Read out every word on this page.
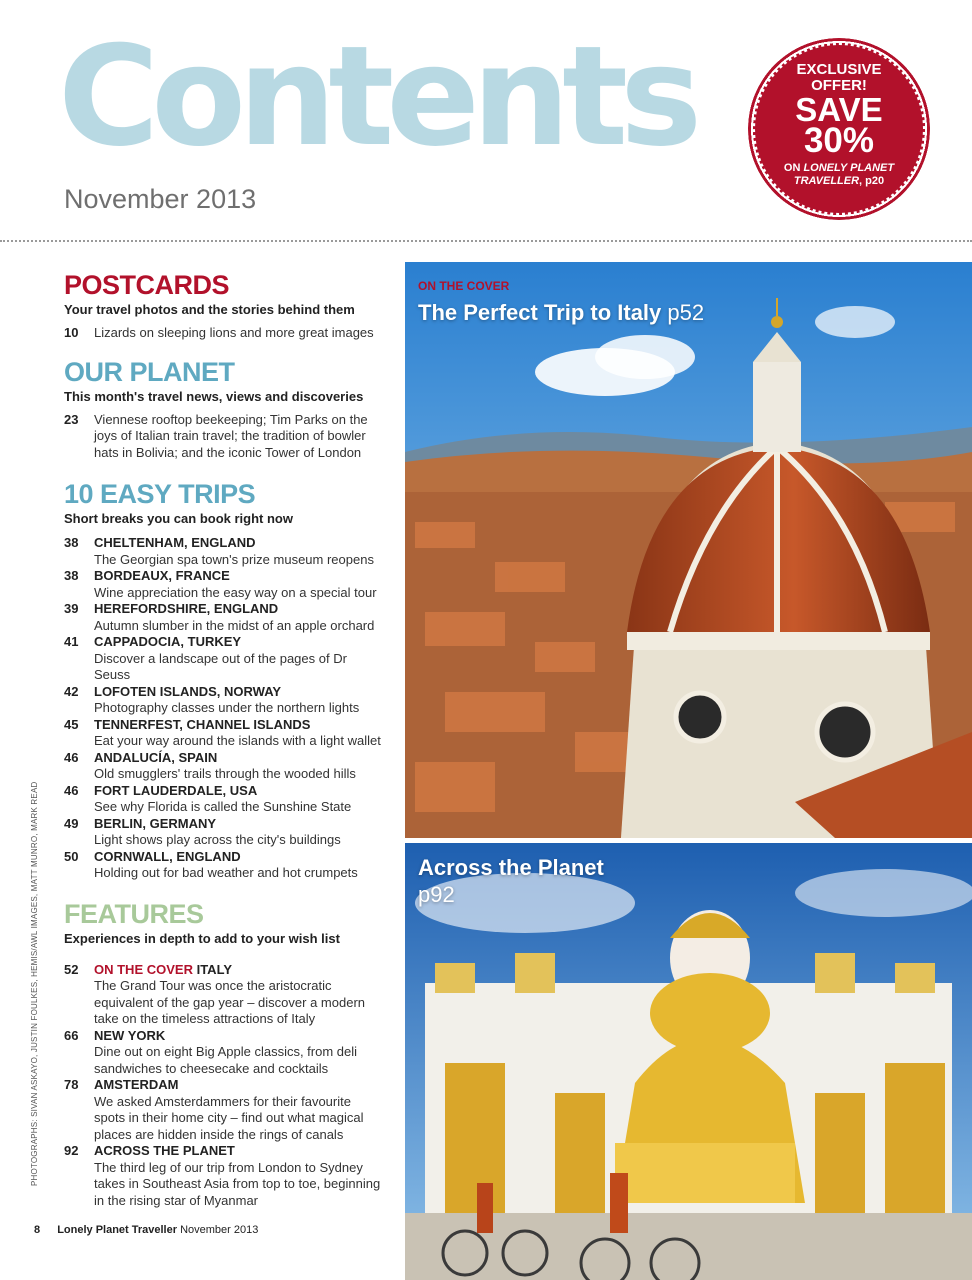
Contents
November 2013
EXCLUSIVE
OFFER!
SAVE
30%
ON LONELY PLANET TRAVELLER, p20
POSTCARDS
Your travel photos and the stories behind them
10 Lizards on sleeping lions and more great images
OUR PLANET
This month's travel news, views and discoveries
23 Viennese rooftop beekeeping; Tim Parks on the joys of Italian train travel; the tradition of bowler hats in Bolivia; and the iconic Tower of London
10 EASY TRIPS
Short breaks you can book right now
38 CHELTENHAM, ENGLAND
The Georgian spa town's prize museum reopens
38 BORDEAUX, FRANCE
Wine appreciation the easy way on a special tour
39 HEREFORDSHIRE, ENGLAND
Autumn slumber in the midst of an apple orchard
41 CAPPADOCIA, TURKEY
Discover a landscape out of the pages of Dr Seuss
42 LOFOTEN ISLANDS, NORWAY
Photography classes under the northern lights
45 TENNERFEST, CHANNEL ISLANDS
Eat your way around the islands with a light wallet
46 ANDALUCÍA, SPAIN
Old smugglers' trails through the wooded hills
46 FORT LAUDERDALE, USA
See why Florida is called the Sunshine State
49 BERLIN, GERMANY
Light shows play across the city's buildings
50 CORNWALL, ENGLAND
Holding out for bad weather and hot crumpets
FEATURES
Experiences in depth to add to your wish list
52 ON THE COVER ITALY
The Grand Tour was once the aristocratic equivalent of the gap year – discover a modern take on the timeless attractions of Italy
66 NEW YORK
Dine out on eight Big Apple classics, from deli sandwiches to cheesecake and cocktails
78 AMSTERDAM
We asked Amsterdammers for their favourite spots in their home city – find out what magical places are hidden inside the rings of canals
92 ACROSS THE PLANET
The third leg of our trip from London to Sydney takes in Southeast Asia from top to toe, beginning in the rising star of Myanmar
PHOTOGRAPHS: SIVAN ASKAYO, JUSTIN FOULKES, HEMIS/AWL IMAGES, MATT MUNRO, MARK READ
ON THE COVER
The Perfect Trip to Italy p52
Across the Planet p92
8 Lonely Planet Traveller November 2013
